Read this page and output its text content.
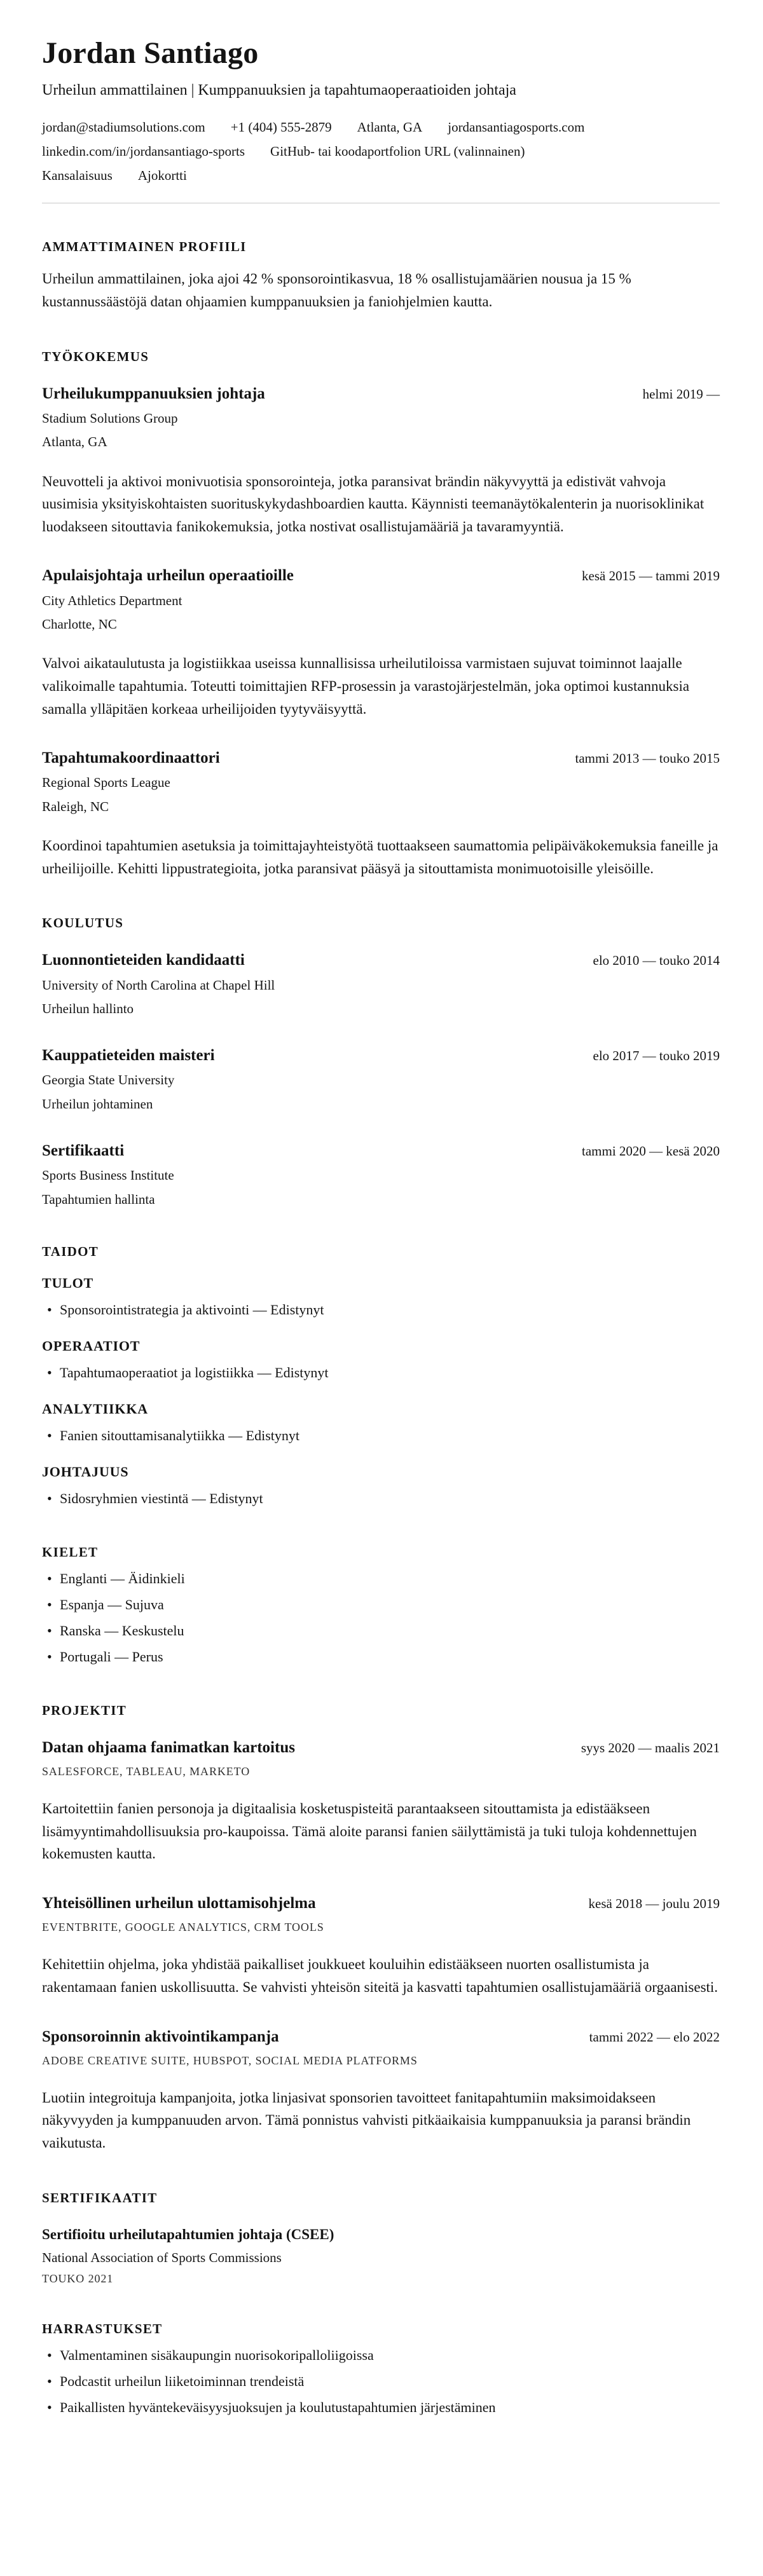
Jordan Santiago
Urheilun ammattilainen | Kumppanuuksien ja tapahtumaoperaatioiden johtaja
jordan@stadiumsolutions.com +1 (404) 555-2879 Atlanta, GA jordansantiagosports.com
linkedin.com/in/jordansantiago-sports GitHub- tai koodaportfolion URL (valinnainen)
Kansalaisuus Ajokortti
AMMATTIMAINEN PROFIILI

Urheilun ammattilainen, joka ajoi 42 % sponsorointikasvua, 18 % osallistujamäärien nousua ja 15 % kustannussäästöjä datan ohjaamien kumppanuuksien ja faniohjelmien kautta.

TYÖKOKEMUS
Urheilukumppanuuksien johtaja	helmi 2019 —
Stadium Solutions Group
Atlanta, GA

Neuvotteli ja aktivoi monivuotisia sponsorointeja, jotka paransivat brändin näkyvyyttä ja edistivät vahvoja uusimisia yksityiskohtaisten suorituskykydashboardien kautta. Käynnisti teemanäytökalenterin ja nuorisoklinikat luodakseen sitouttavia fanikokemuksia, jotka nostivat osallistujamääriä ja tavaramyyntiä.

Apulaisjohtaja urheilun operaatioille	kesä 2015 — tammi 2019
City Athletics Department
Charlotte, NC

Valvoi aikataulutusta ja logistiikkaa useissa kunnallisissa urheilutiloissa varmistaen sujuvat toiminnot laajalle valikoimalle tapahtumia. Toteutti toimittajien RFP-prosessin ja varastojärjestelmän, joka optimoi kustannuksia samalla ylläpitäen korkeaa urheilijoiden tyytyväisyyttä.

Tapahtumakoordinaattori	tammi 2013 — touko 2015
Regional Sports League
Raleigh, NC

Koordinoi tapahtumien asetuksia ja toimittajayhteistyötä tuottaakseen saumattomia pelipäiväkokemuksia faneille ja urheilijoille. Kehitti lippustrategioita, jotka paransivat pääsyä ja sitouttamista monimuotoisille yleisöille.

KOULUTUS
Luonnontieteiden kandidaatti	elo 2010 — touko 2014
University of North Carolina at Chapel Hill
Urheilun hallinto
Kauppatieteiden maisteri	elo 2017 — touko 2019
Georgia State University
Urheilun johtaminen
Sertifikaatti	tammi 2020 — kesä 2020
Sports Business Institute
Tapahtumien hallinta
TAIDOT
TULOT
• Sponsorointistrategia ja aktivointi — Edistynyt
OPERAATIOT
• Tapahtumaoperaatiot ja logistiikka — Edistynyt
ANALYTIIKKA
• Fanien sitouttamisanalytiikka — Edistynyt
JOHTAJUUS
• Sidosryhmien viestintä — Edistynyt
KIELET
• Englanti — Äidinkieli
• Espanja — Sujuva
• Ranska — Keskustelu
• Portugali — Perus
PROJEKTIT
Datan ohjaama fanimatkan kartoitus	syys 2020 — maalis 2021
SALESFORCE, TABLEAU, MARKETO

Kartoitettiin fanien personoja ja digitaalisia kosketuspisteitä parantaakseen sitouttamista ja edistääkseen lisämyyntimahdollisuuksia pro-kaupoissa. Tämä aloite paransi fanien säilyttämistä ja tuki tuloja kohdennettujen kokemusten kautta.

Yhteisöllinen urheilun ulottamisohjelma	kesä 2018 — joulu 2019
EVENTBRITE, GOOGLE ANALYTICS, CRM TOOLS

Kehitettiin ohjelma, joka yhdistää paikalliset joukkueet kouluihin edistääkseen nuorten osallistumista ja rakentamaan fanien uskollisuutta. Se vahvisti yhteisön siteitä ja kasvatti tapahtumien osallistujamääriä orgaanisesti.

Sponsoroinnin aktivointikampanja	tammi 2022 — elo 2022
ADOBE CREATIVE SUITE, HUBSPOT, SOCIAL MEDIA PLATFORMS

Luotiin integroituja kampanjoita, jotka linjasivat sponsorien tavoitteet fanitapahtumiin maksimoidakseen näkyvyyden ja kumppanuuden arvon. Tämä ponnistus vahvisti pitkäaikaisia kumppanuuksia ja paransi brändin vaikutusta.

SERTIFIKAATIT
Sertifioitu urheilutapahtumien johtaja (CSEE)
National Association of Sports Commissions
TOUKO 2021
HARRASTUKSET
• Valmentaminen sisäkaupungin nuorisokoripalloliigoissa
• Podcastit urheilun liiketoiminnan trendeistä
• Paikallisten hyväntekeväisyysjuoksujen ja koulutustapahtumien järjestäminen
